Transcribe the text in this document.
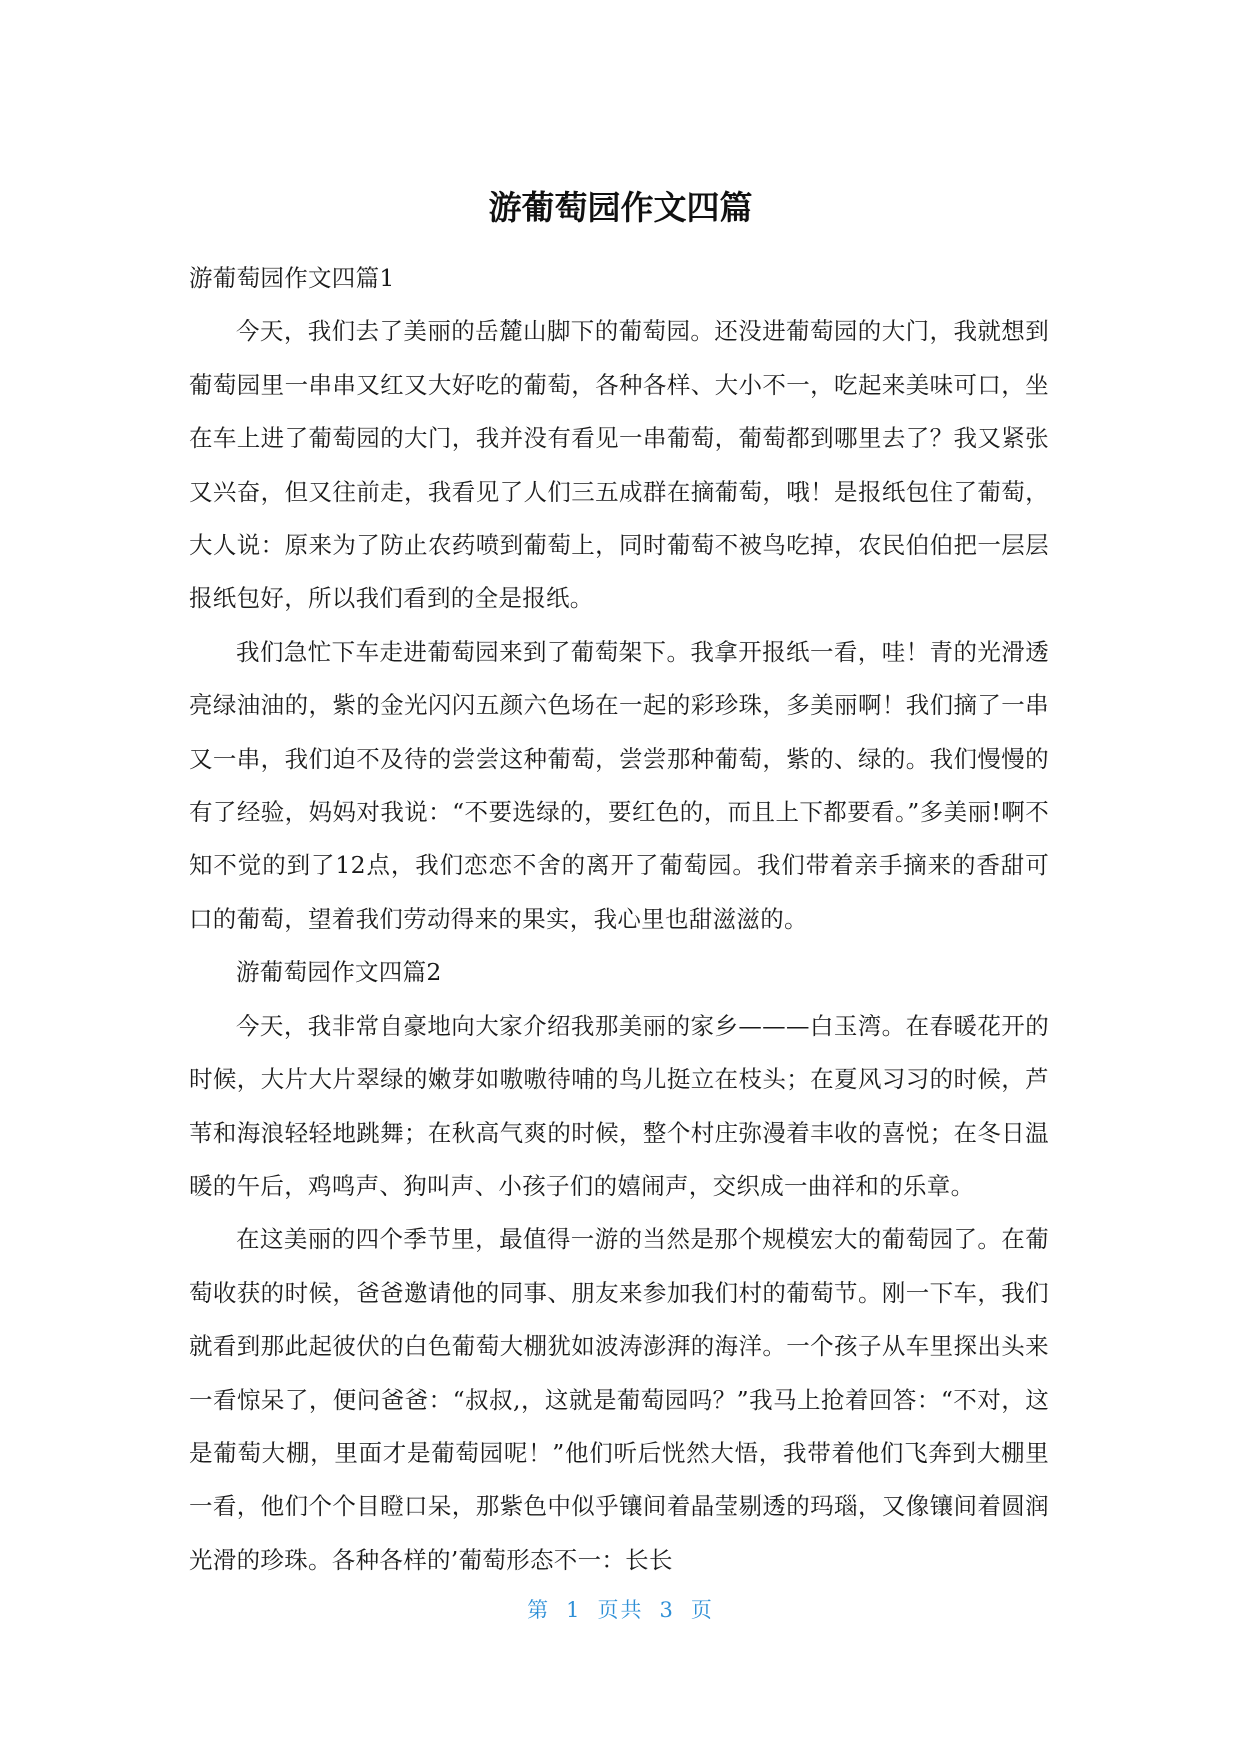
游葡萄园作文四篇

游葡萄园作文四篇1

今天，我们去了美丽的岳麓山脚下的葡萄园。还没进葡萄园的大门，我就想到葡萄园里一串串又红又大好吃的葡萄，各种各样、大小不一，吃起来美味可口，坐在车上进了葡萄园的大门，我并没有看见一串葡萄，葡萄都到哪里去了？我又紧张又兴奋，但又往前走，我看见了人们三五成群在摘葡萄，哦！是报纸包住了葡萄，大人说：原来为了防止农药喷到葡萄上，同时葡萄不被鸟吃掉，农民伯伯把一层层报纸包好，所以我们看到的全是报纸。

我们急忙下车走进葡萄园来到了葡萄架下。我拿开报纸一看，哇！青的光滑透亮绿油油的，紫的金光闪闪五颜六色场在一起的彩珍珠，多美丽啊！我们摘了一串又一串，我们迫不及待的尝尝这种葡萄，尝尝那种葡萄，紫的、绿的。我们慢慢的有了经验，妈妈对我说：“不要选绿的，要红色的，而且上下都要看。”多美丽!啊不知不觉的到了12点，我们恋恋不舍的离开了葡萄园。我们带着亲手摘来的香甜可口的葡萄，望着我们劳动得来的果实，我心里也甜滋滋的。

游葡萄园作文四篇2

今天，我非常自豪地向大家介绍我那美丽的家乡———白玉湾。在春暖花开的时候，大片大片翠绿的嫩芽如嗷嗷待哺的鸟儿挺立在枝头；在夏风习习的时候，芦苇和海浪轻轻地跳舞；在秋高气爽的时候，整个村庄弥漫着丰收的喜悦；在冬日温暖的午后，鸡鸣声、狗叫声、小孩子们的嬉闹声，交织成一曲祥和的乐章。

在这美丽的四个季节里，最值得一游的当然是那个规模宏大的葡萄园了。在葡萄收获的时候，爸爸邀请他的同事、朋友来参加我们村的葡萄节。刚一下车，我们就看到那此起彼伏的白色葡萄大棚犹如波涛澎湃的海洋。一个孩子从车里探出头来一看惊呆了，便问爸爸：“叔叔,，这就是葡萄园吗？”我马上抢着回答：“不对，这是葡萄大棚，里面才是葡萄园呢！”他们听后恍然大悟，我带着他们飞奔到大棚里一看，他们个个目瞪口呆，那紫色中似乎镶间着晶莹剔透的玛瑙，又像镶间着圆润光滑的珍珠。各种各样的’葡萄形态不一：长长

第 1 页共 3 页
